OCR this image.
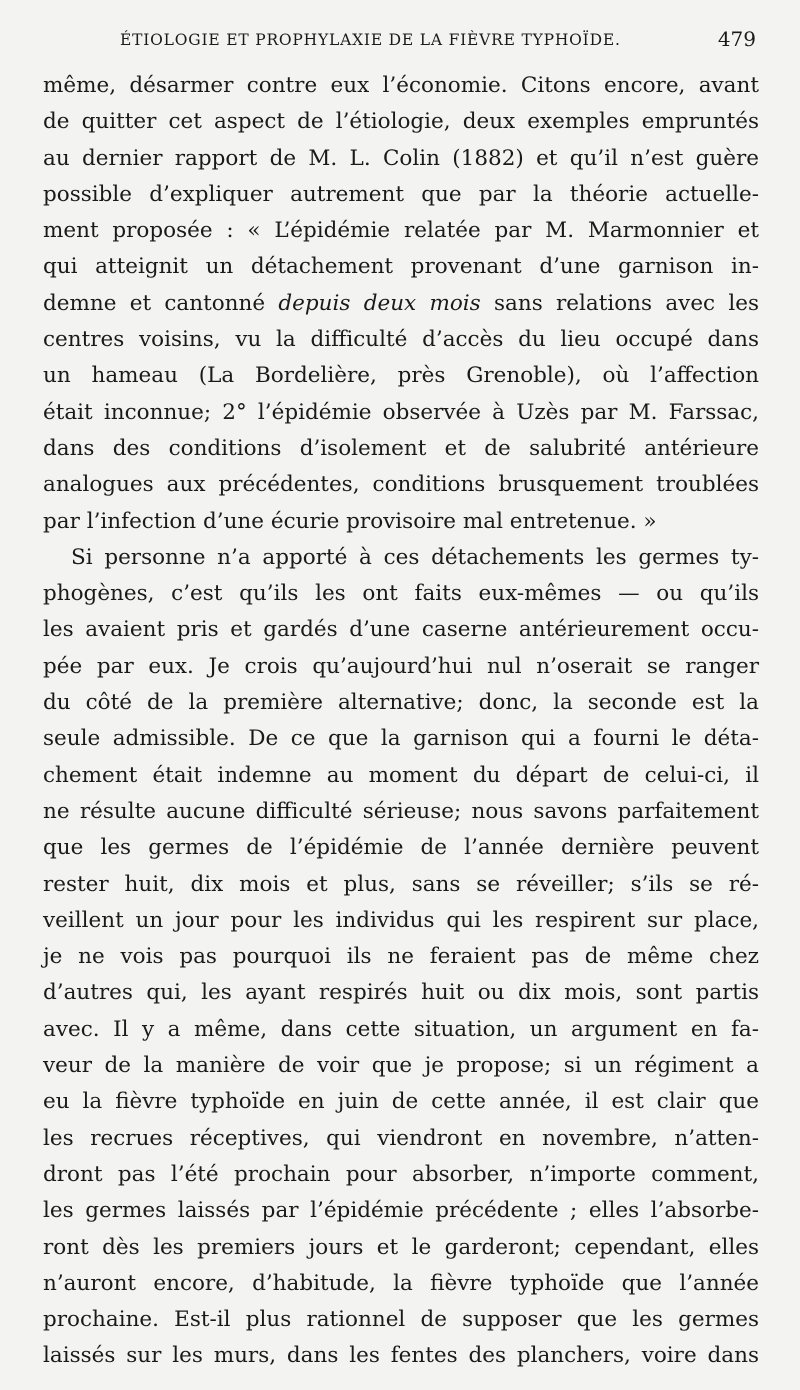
ÉTIOLOGIE ET PROPHYLAXIE DE LA FIÈVRE TYPHOÏDE.	479
même, désarmer contre eux l’économie. Citons encore, avant
de quitter cet aspect de l’étiologie, deux exemples empruntés
au dernier rapport de M. L. Colin (1882) et qu’il n’est guère
possible d’expliquer autrement que par la théorie actuelle-
ment proposée : « L’épidémie relatée par M. Marmonnier et
qui atteignit un détachement provenant d’une garnison in-
demne et cantonné depuis deux mois sans relations avec les
centres voisins, vu la difficulté d’accès du lieu occupé dans
un hameau (La Bordelière, près Grenoble), où l’affection
était inconnue; 2° l’épidémie observée à Uzès par M. Farssac,
dans des conditions d’isolement et de salubrité antérieure
analogues aux précédentes, conditions brusquement troublées
par l’infection d’une écurie provisoire mal entretenue. »
Si personne n’a apporté à ces détachements les germes ty-
phogènes, c’est qu’ils les ont faits eux-mêmes — ou qu’ils
les avaient pris et gardés d’une caserne antérieurement occu-
pée par eux. Je crois qu’aujourd’hui nul n’oserait se ranger
du côté de la première alternative; donc, la seconde est la
seule admissible. De ce que la garnison qui a fourni le déta-
chement était indemne au moment du départ de celui-ci, il
ne résulte aucune difficulté sérieuse; nous savons parfaitement
que les germes de l’épidémie de l’année dernière peuvent
rester huit, dix mois et plus, sans se réveiller; s’ils se ré-
veillent un jour pour les individus qui les respirent sur place,
je ne vois pas pourquoi ils ne feraient pas de même chez
d’autres qui, les ayant respirés huit ou dix mois, sont partis
avec. Il y a même, dans cette situation, un argument en fa-
veur de la manière de voir que je propose; si un régiment a
eu la fièvre typhoïde en juin de cette année, il est clair que
les recrues réceptives, qui viendront en novembre, n’atten-
dront pas l’été prochain pour absorber, n’importe comment,
les germes laissés par l’épidémie précédente ; elles l’absorbe-
ront dès les premiers jours et le garderont; cependant, elles
n’auront encore, d’habitude, la fièvre typhoïde que l’année
prochaine. Est-il plus rationnel de supposer que les germes
laissés sur les murs, dans les fentes des planchers, voire dans
